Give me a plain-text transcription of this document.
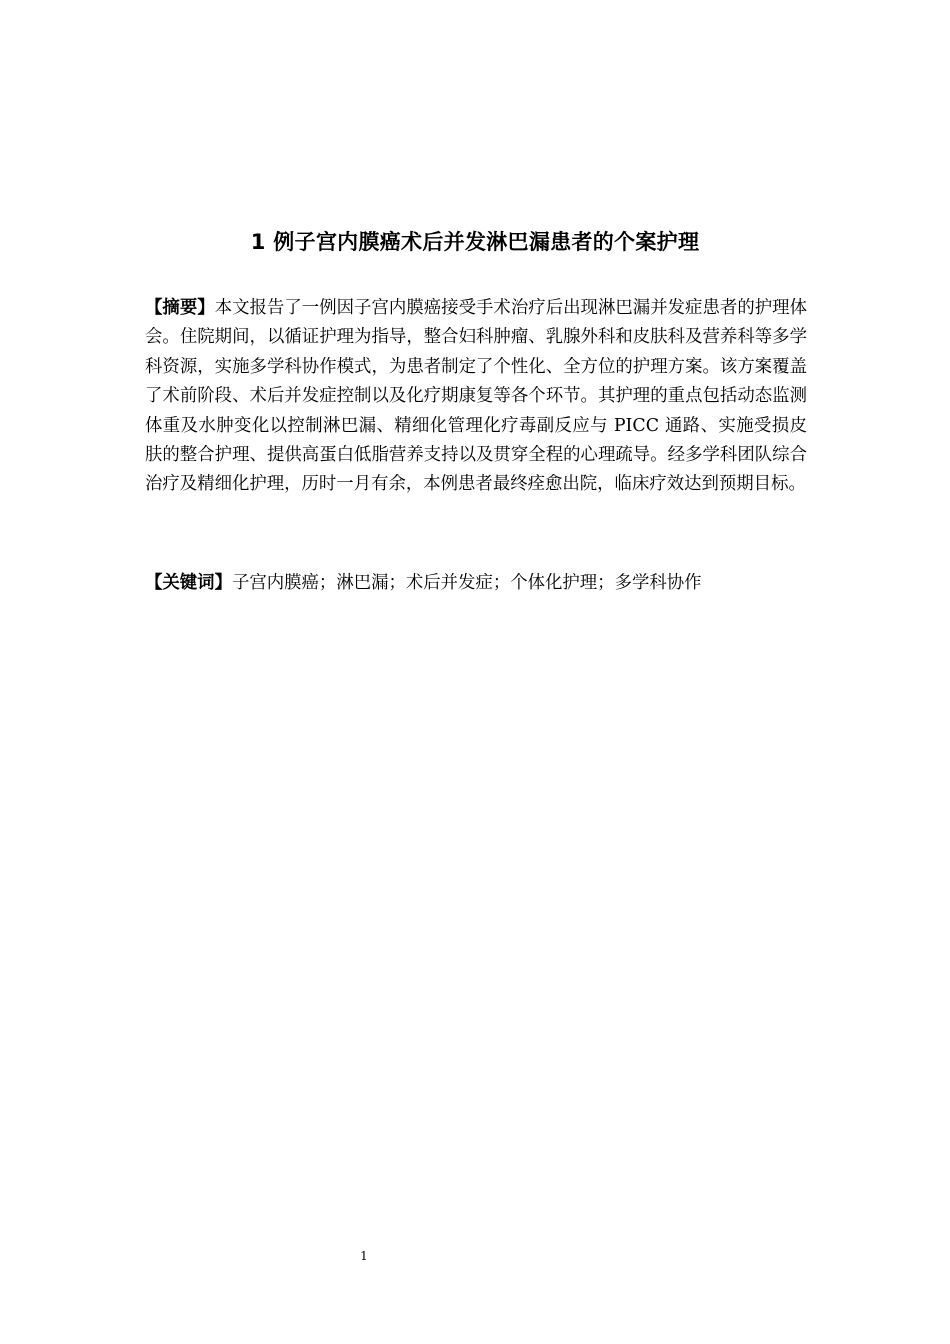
1 例子宫内膜癌术后并发淋巴漏患者的个案护理

【摘要】本文报告了一例因子宫内膜癌接受手术治疗后出现淋巴漏并发症患者的护理体会。住院期间，以循证护理为指导，整合妇科肿瘤、乳腺外科和皮肤科及营养科等多学科资源，实施多学科协作模式，为患者制定了个性化、全方位的护理方案。该方案覆盖了术前阶段、术后并发症控制以及化疗期康复等各个环节。其护理的重点包括动态监测体重及水肿变化以控制淋巴漏、精细化管理化疗毒副反应与 PICC 通路、实施受损皮肤的整合护理、提供高蛋白低脂营养支持以及贯穿全程的心理疏导。经多学科团队综合治疗及精细化护理，历时一月有余，本例患者最终痊愈出院，临床疗效达到预期目标。

【关键词】子宫内膜癌；淋巴漏；术后并发症；个体化护理；多学科协作

1
